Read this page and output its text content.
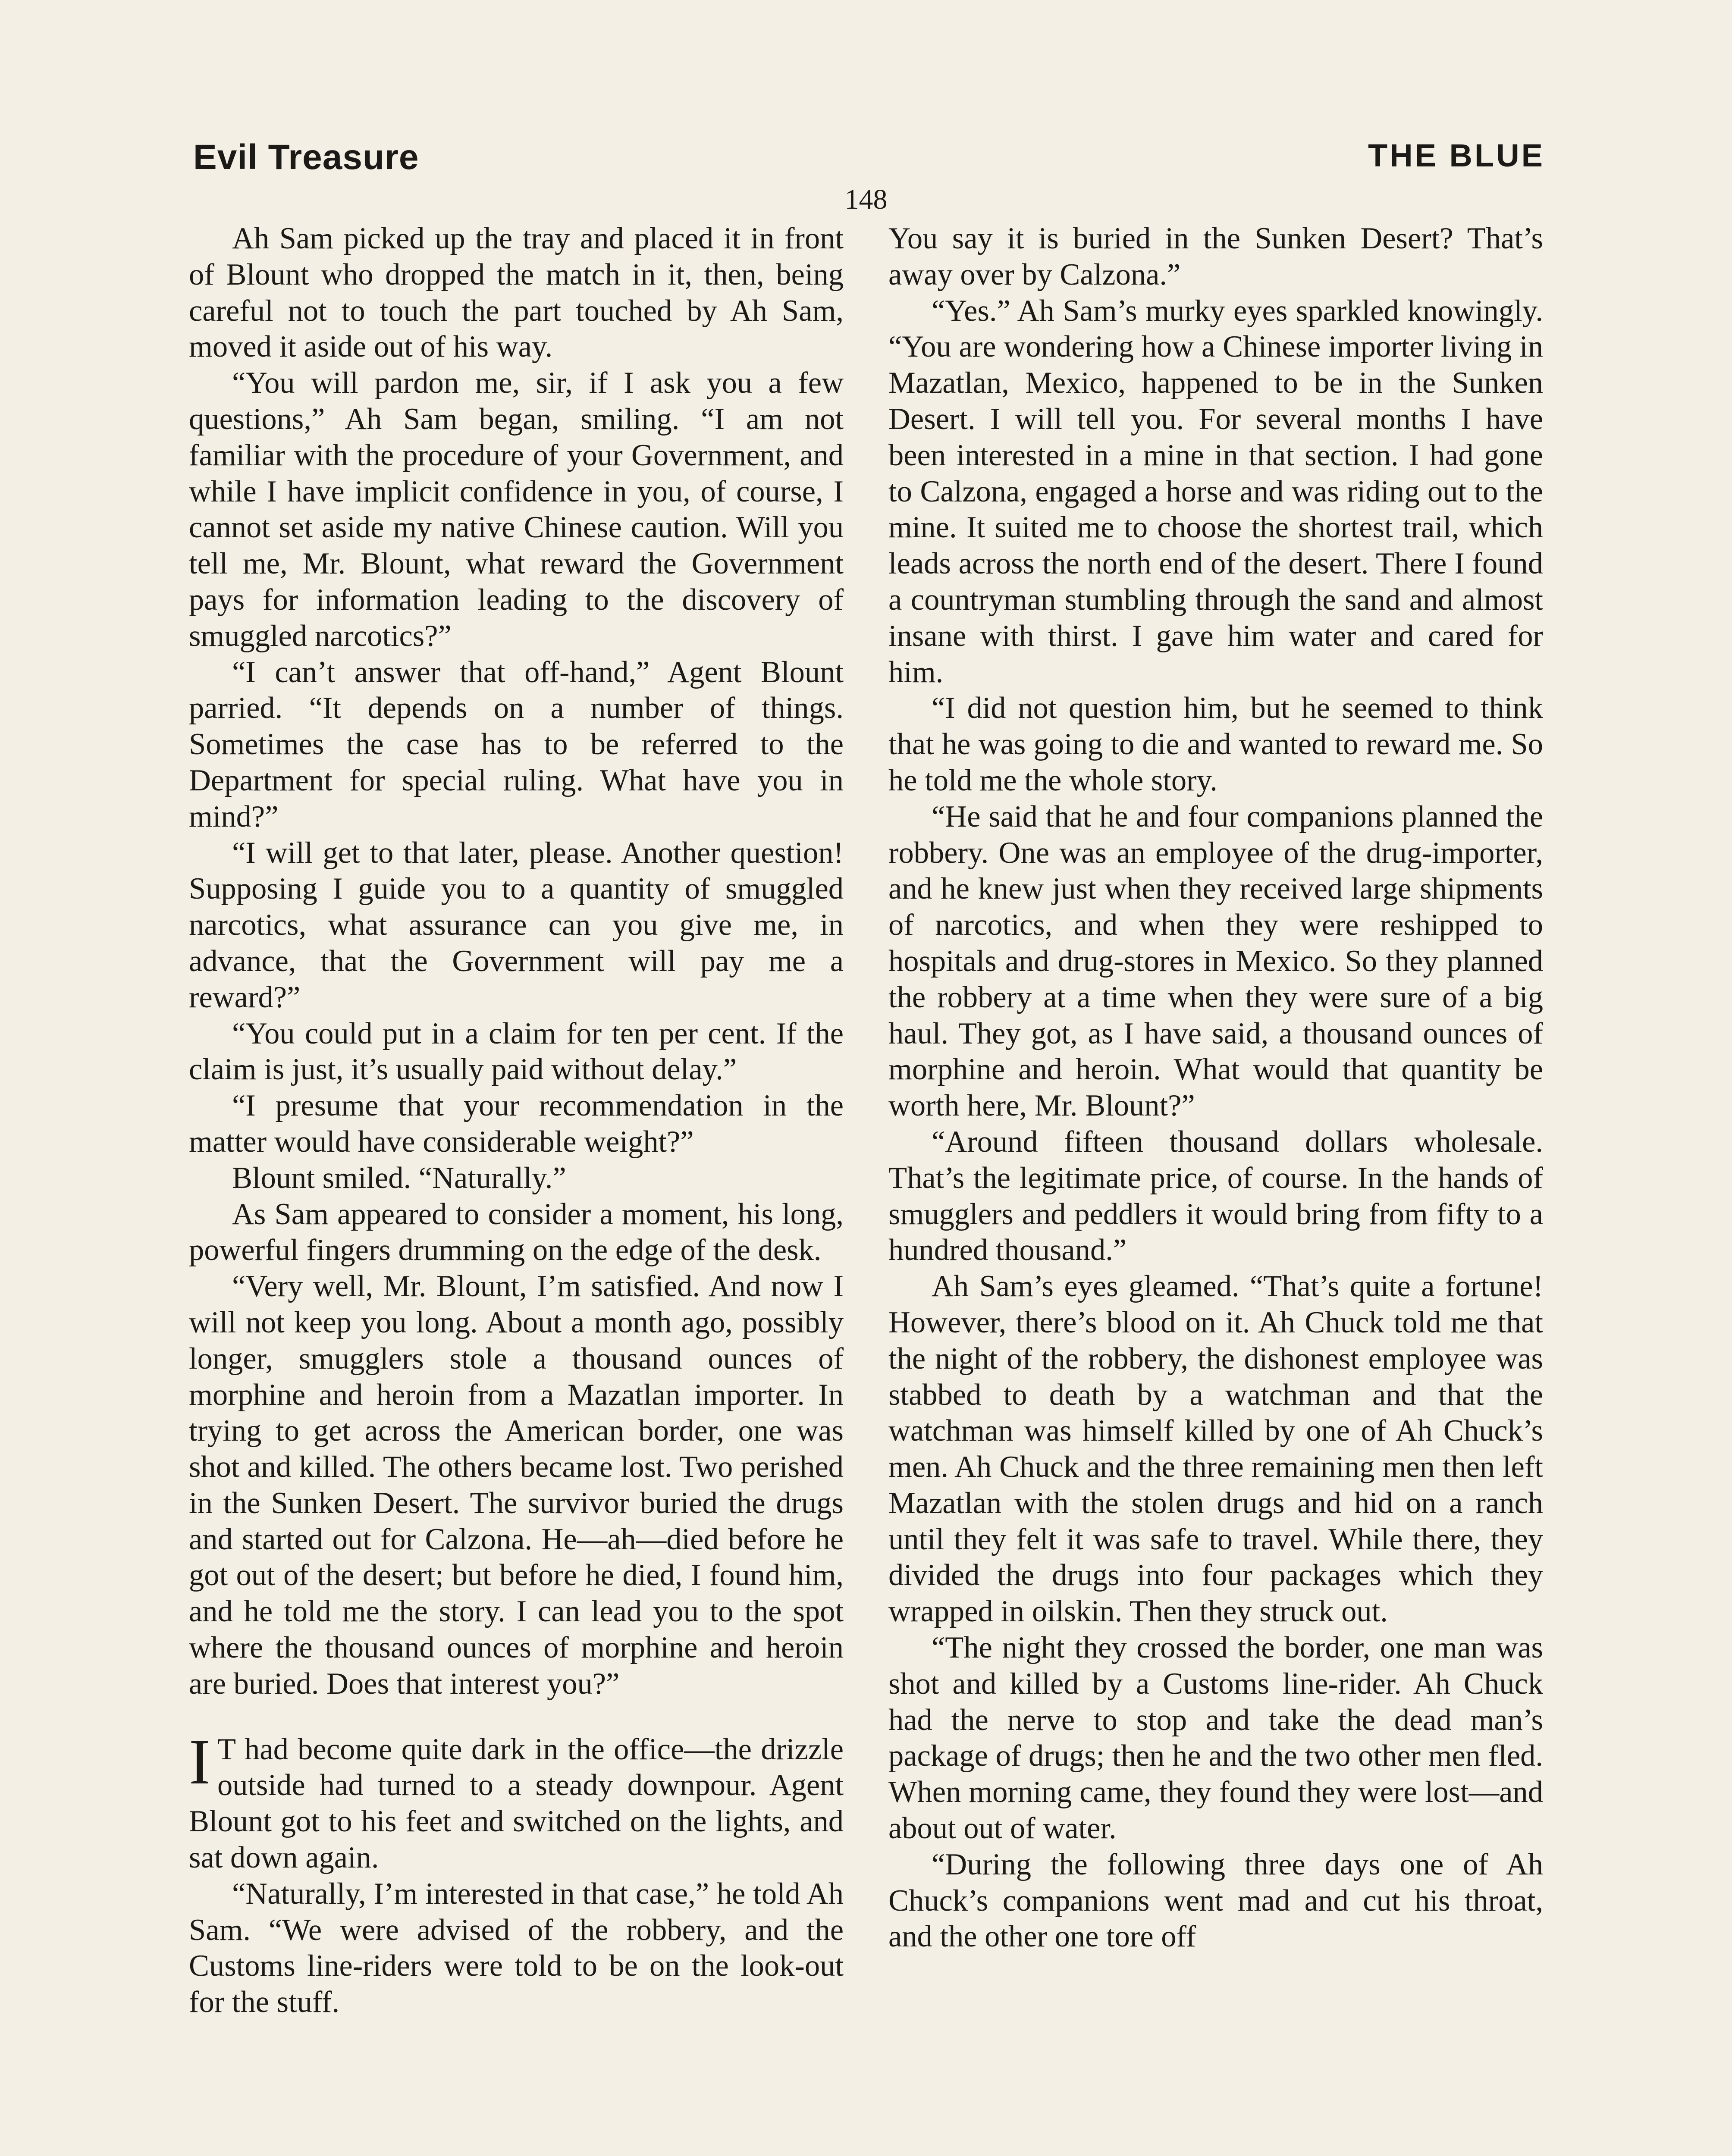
Evil Treasure	THE BLUE
148

Ah Sam picked up the tray and placed it in front of Blount who dropped the match in it, then, being careful not to touch the part touched by Ah Sam, moved it aside out of his way.

“You will pardon me, sir, if I ask you a few questions,” Ah Sam began, smiling. “I am not familiar with the procedure of your Government, and while I have implicit confidence in you, of course, I cannot set aside my native Chinese caution. Will you tell me, Mr. Blount, what reward the Government pays for information leading to the discovery of smuggled narcotics?”

“I can’t answer that off-hand,” Agent Blount parried. “It depends on a number of things. Sometimes the case has to be referred to the Department for special ruling. What have you in mind?”

“I will get to that later, please. Another question! Supposing I guide you to a quantity of smuggled narcotics, what assurance can you give me, in advance, that the Government will pay me a reward?”

“You could put in a claim for ten per cent. If the claim is just, it’s usually paid without delay.”

“I presume that your recommendation in the matter would have considerable weight?”

Blount smiled. “Naturally.”

As Sam appeared to consider a moment, his long, powerful fingers drumming on the edge of the desk.

“Very well, Mr. Blount, I’m satisfied. And now I will not keep you long. About a month ago, possibly longer, smugglers stole a thousand ounces of morphine and heroin from a Mazatlan importer. In trying to get across the American border, one was shot and killed. The others became lost. Two perished in the Sunken Desert. The survivor buried the drugs and started out for Calzona. He—ah—died before he got out of the desert; but before he died, I found him, and he told me the story. I can lead you to the spot where the thousand ounces of morphine and heroin are buried. Does that interest you?”

I T had become quite dark in the office—the drizzle outside had turned to a steady downpour. Agent Blount got to his feet and switched on the lights, and sat down again.

“Naturally, I’m interested in that case,” he told Ah Sam. “We were advised of the robbery, and the Customs line-riders were told to be on the look-out for the stuff.

You say it is buried in the Sunken Desert? That’s away over by Calzona.”

“Yes.” Ah Sam’s murky eyes sparkled knowingly. “You are wondering how a Chinese importer living in Mazatlan, Mexico, happened to be in the Sunken Desert. I will tell you. For several months I have been interested in a mine in that section. I had gone to Calzona, engaged a horse and was riding out to the mine. It suited me to choose the shortest trail, which leads across the north end of the desert. There I found a countryman stumbling through the sand and almost insane with thirst. I gave him water and cared for him.

“I did not question him, but he seemed to think that he was going to die and wanted to reward me. So he told me the whole story.

“He said that he and four companions planned the robbery. One was an employee of the drug-importer, and he knew just when they received large shipments of narcotics, and when they were reshipped to hospitals and drug-stores in Mexico. So they planned the robbery at a time when they were sure of a big haul. They got, as I have said, a thousand ounces of morphine and heroin. What would that quantity be worth here, Mr. Blount?”

“Around fifteen thousand dollars wholesale. That’s the legitimate price, of course. In the hands of smugglers and peddlers it would bring from fifty to a hundred thousand.”

Ah Sam’s eyes gleamed. “That’s quite a fortune! However, there’s blood on it. Ah Chuck told me that the night of the robbery, the dishonest employee was stabbed to death by a watchman and that the watchman was himself killed by one of Ah Chuck’s men. Ah Chuck and the three remaining men then left Mazatlan with the stolen drugs and hid on a ranch until they felt it was safe to travel. While there, they divided the drugs into four packages which they wrapped in oilskin. Then they struck out.

“The night they crossed the border, one man was shot and killed by a Customs line-rider. Ah Chuck had the nerve to stop and take the dead man’s package of drugs; then he and the two other men fled. When morning came, they found they were lost—and about out of water.

“During the following three days one of Ah Chuck’s companions went mad and cut his throat, and the other one tore off
